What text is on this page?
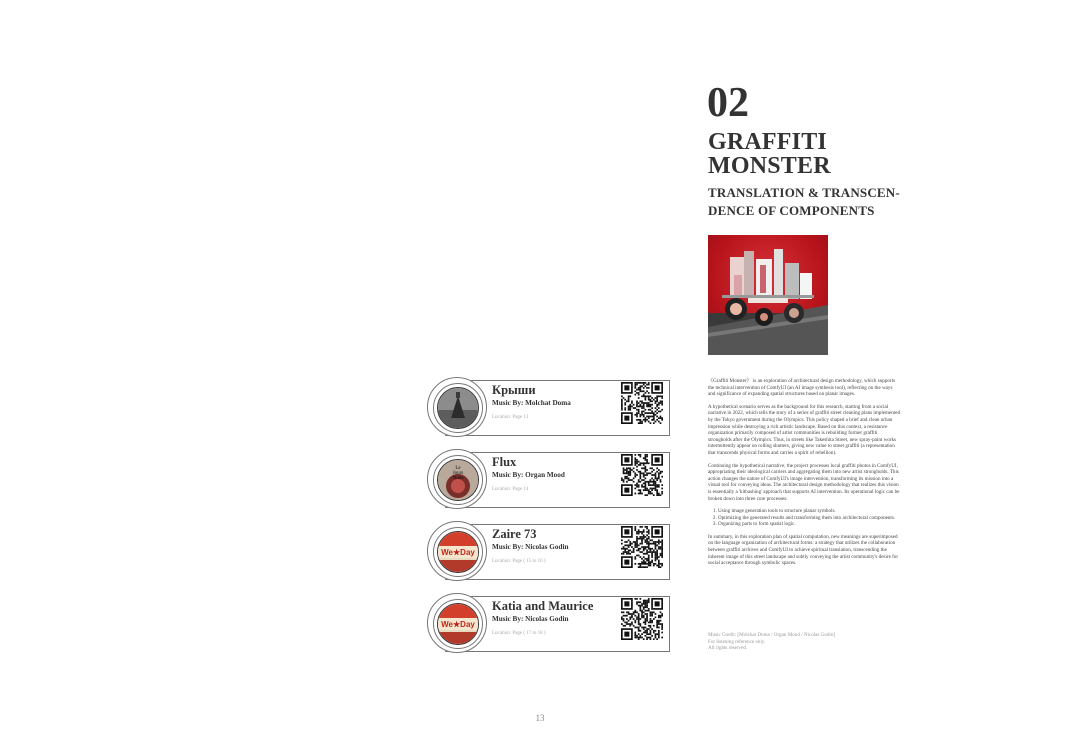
02
GRAFFITI
MONSTER
TRANSLATION & TRANSCEN-
DENCE OF COMPONENTS

《Graffiti Monster》 is an exploration of architectural design methodology, which supports the technical intervention of ComfyUI (an AI image synthesis tool), reflecting on the ways and significance of expanding spatial structures based on planar images.

A hypothetical scenario serves as the background for this research, starting from a social narrative in 2022, which tells the story of a series of graffiti street cleaning plans implemented by the Tokyo government during the Olympics. This policy shaped a brief and clean urban impression while destroying a rich artistic landscape. Based on this context, a resistance organization primarily composed of artist communities is rebuilding former graffiti strongholds after the Olympics. Thus, in streets like Takeshita Street, new spray-paint works intermittently appear on rolling shutters, giving new value to street graffiti (a representation that transcends physical forms and carries a spirit of rebellion).

Continuing the hypothetical narrative, the project processes local graffiti photos in ComfyUI, appropriating their ideological carriers and aggregating them into new artist strongholds. This action changes the nature of ComfyUI's image intervention, transforming its mission into a visual tool for conveying ideas. The architectural design methodology that realizes this vision is essentially a 'kitbashing' approach that supports AI intervention. Its operational logic can be broken down into three core processes:

1. Using image generation tools to structure planar symbols.
2. Optimizing the generated results and transforming them into architectural components.
3. Organizing parts to form spatial logic.

In summary, in this exploration plan of spatial computation, new meanings are superimposed on the language organization of architectural forms: a strategy that utilizes the collaboration between graffiti archives and ComfyUI to achieve spiritual translation, transcending the inherent image of this street landscape and subtly conveying the artist community's desire for social acceptance through symbolic spaces.

Music Credit: [Molchat Doma / Organ Mood / Nicolas Godin]
For listening reference only.
All rights reserved.
Крыши
Music By: Molchat Doma
Location: Page 13
Le
Jours
Nuits
Flux
Music By: Organ Mood
Location: Page 14
We★Day
Zaire 73
Music By: Nicolas Godin
Location: Page ( 15 to 16 )
We★Day
Katia and Maurice
Music By: Nicolas Godin
Location: Page ( 17 to 18 )
13
